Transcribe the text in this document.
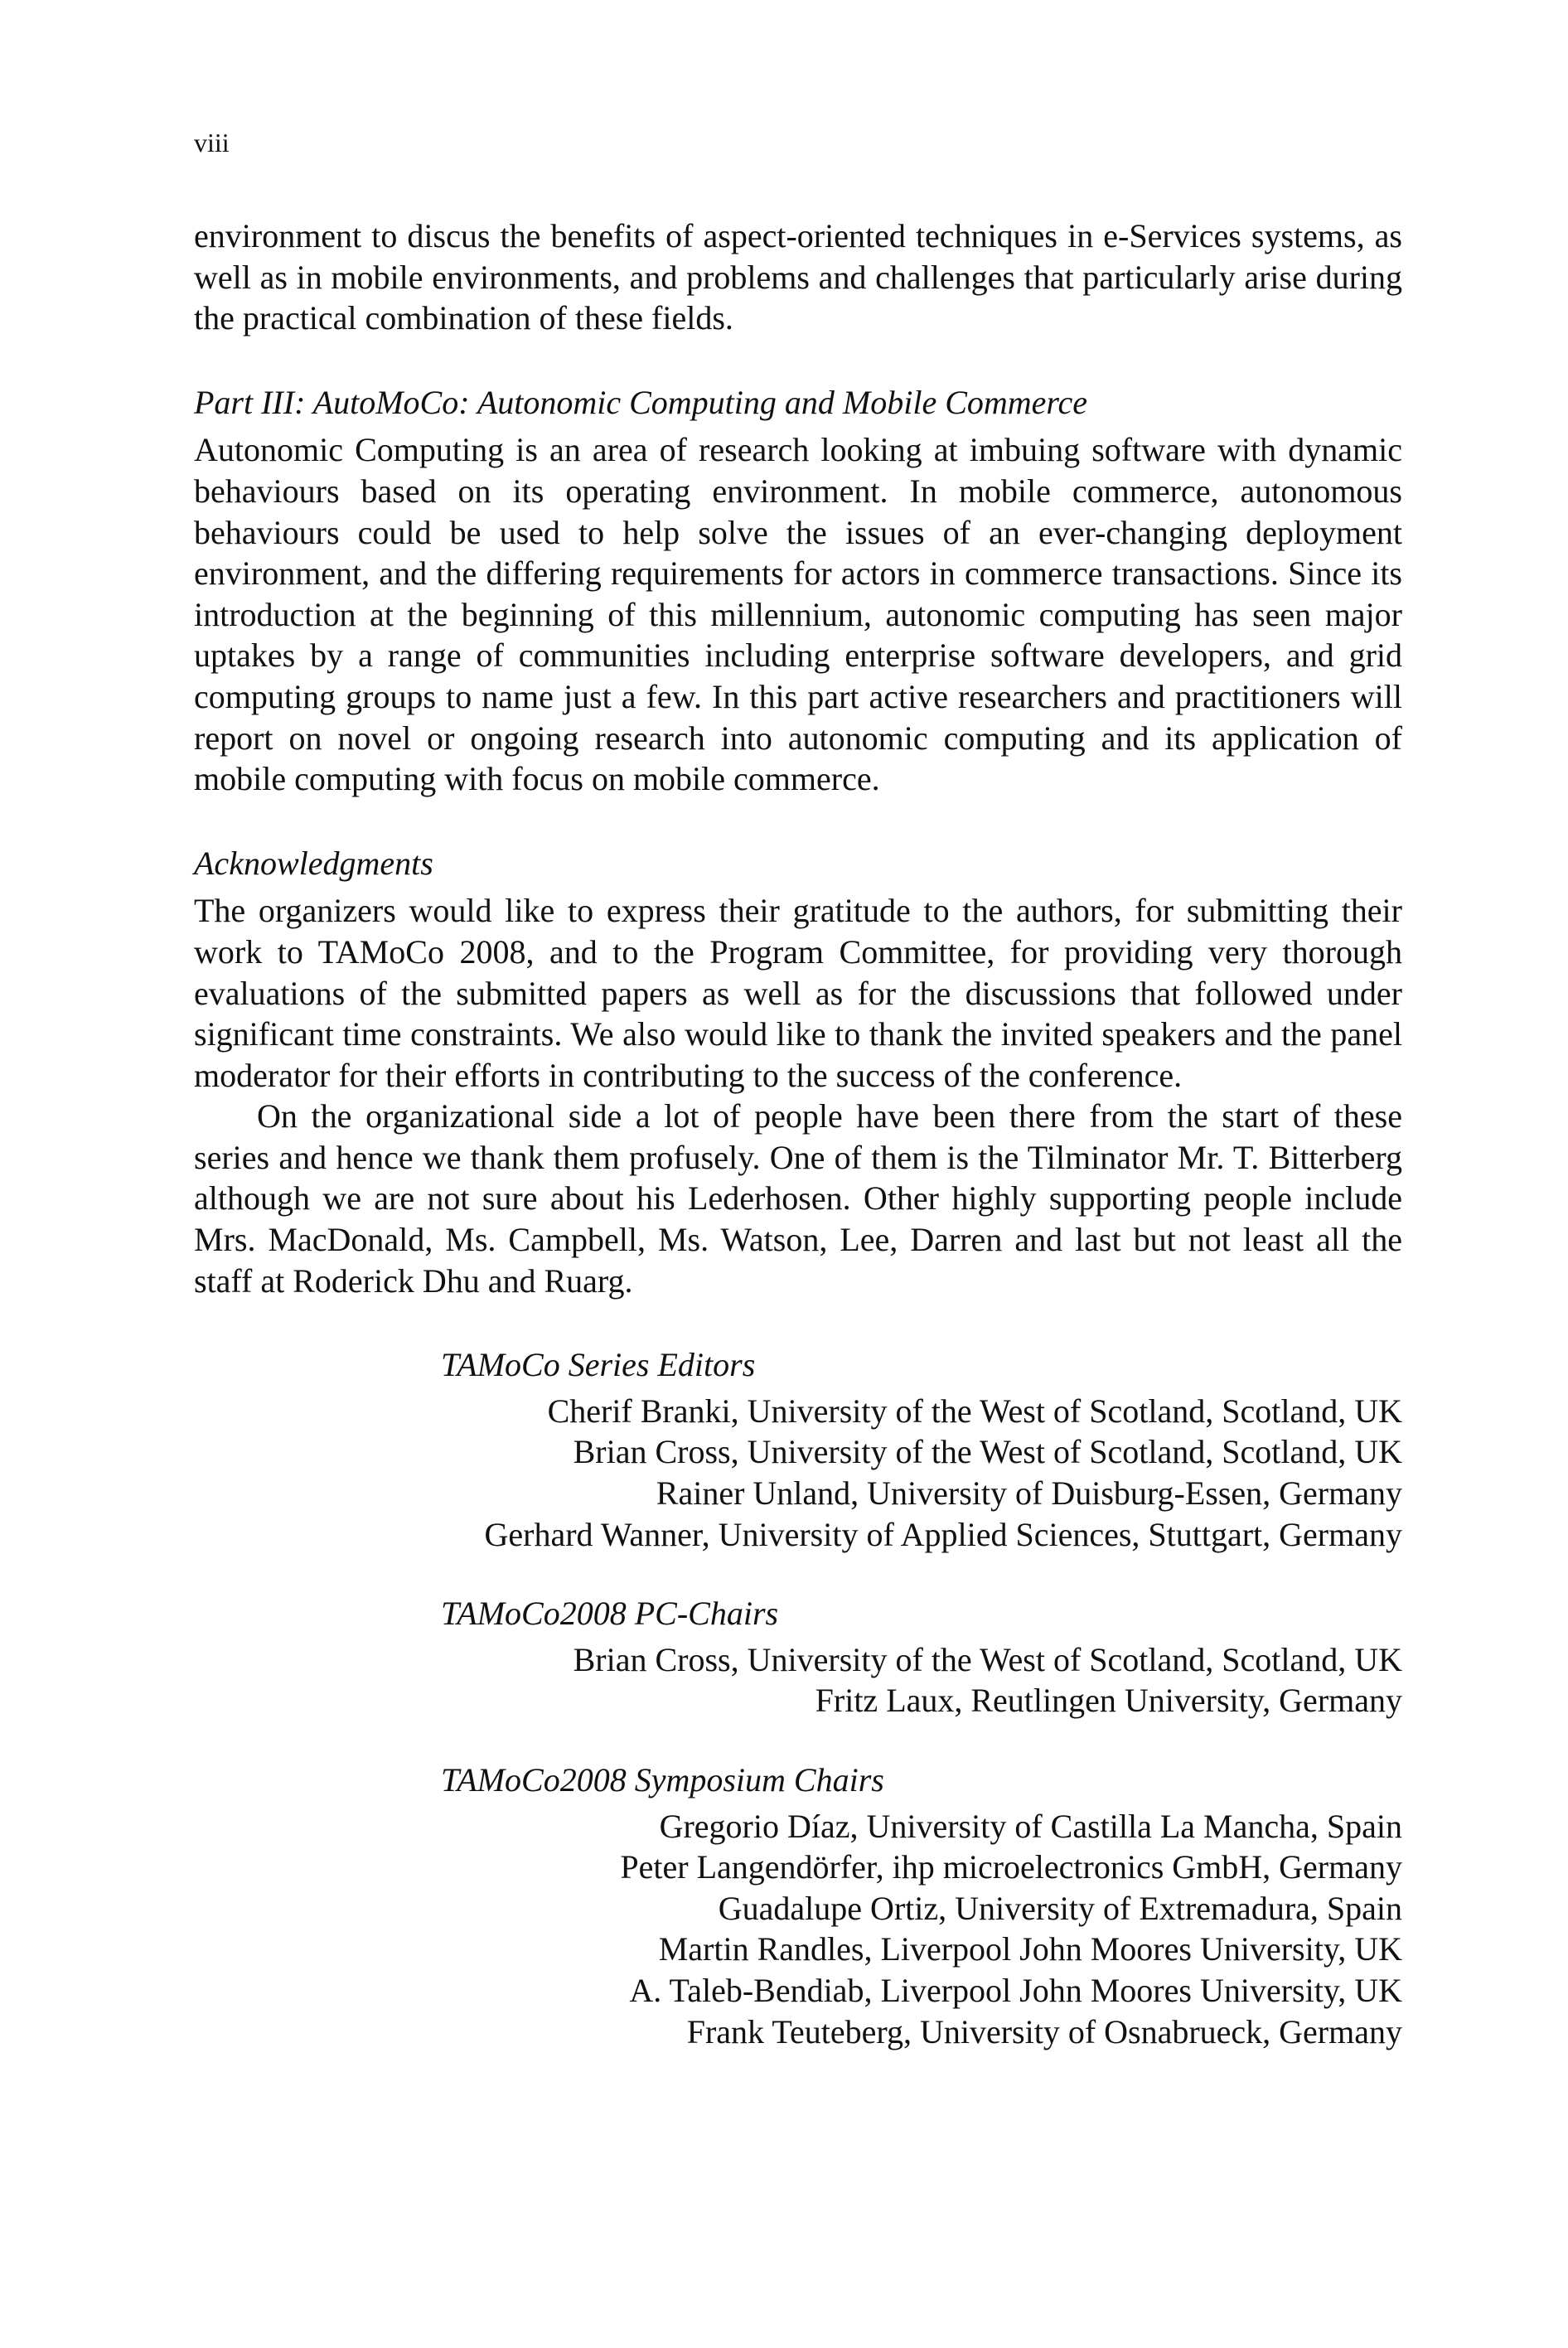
viii

environment to discus the benefits of aspect-oriented techniques in e-Services systems, as well as in mobile environments, and problems and challenges that particularly arise during the practical combination of these fields.

Part III: AutoMoCo: Autonomic Computing and Mobile Commerce

Autonomic Computing is an area of research looking at imbuing software with dynamic behaviours based on its operating environment. In mobile commerce, autonomous behaviours could be used to help solve the issues of an ever-changing deployment environment, and the differing requirements for actors in commerce transactions. Since its introduction at the beginning of this millennium, autonomic computing has seen major uptakes by a range of communities including enterprise software developers, and grid computing groups to name just a few. In this part active researchers and practitioners will report on novel or ongoing research into autonomic computing and its application of mobile computing with focus on mobile commerce.

Acknowledgments

The organizers would like to express their gratitude to the authors, for submitting their work to TAMoCo 2008, and to the Program Committee, for providing very thorough evaluations of the submitted papers as well as for the discussions that followed under significant time constraints. We also would like to thank the invited speakers and the panel moderator for their efforts in contributing to the success of the conference.

On the organizational side a lot of people have been there from the start of these series and hence we thank them profusely. One of them is the Tilminator Mr. T. Bitterberg although we are not sure about his Lederhosen. Other highly supporting people include Mrs. MacDonald, Ms. Campbell, Ms. Watson, Lee, Darren and last but not least all the staff at Roderick Dhu and Ruarg.

TAMoCo Series Editors

Cherif Branki, University of the West of Scotland, Scotland, UK
Brian Cross, University of the West of Scotland, Scotland, UK
Rainer Unland, University of Duisburg-Essen, Germany
Gerhard Wanner, University of Applied Sciences, Stuttgart, Germany

TAMoCo2008 PC-Chairs

Brian Cross, University of the West of Scotland, Scotland, UK
Fritz Laux, Reutlingen University, Germany

TAMoCo2008 Symposium Chairs

Gregorio Díaz, University of Castilla La Mancha, Spain
Peter Langendörfer, ihp microelectronics GmbH, Germany
Guadalupe Ortiz, University of Extremadura, Spain
Martin Randles, Liverpool John Moores University, UK
A. Taleb-Bendiab, Liverpool John Moores University, UK
Frank Teuteberg, University of Osnabrueck, Germany
